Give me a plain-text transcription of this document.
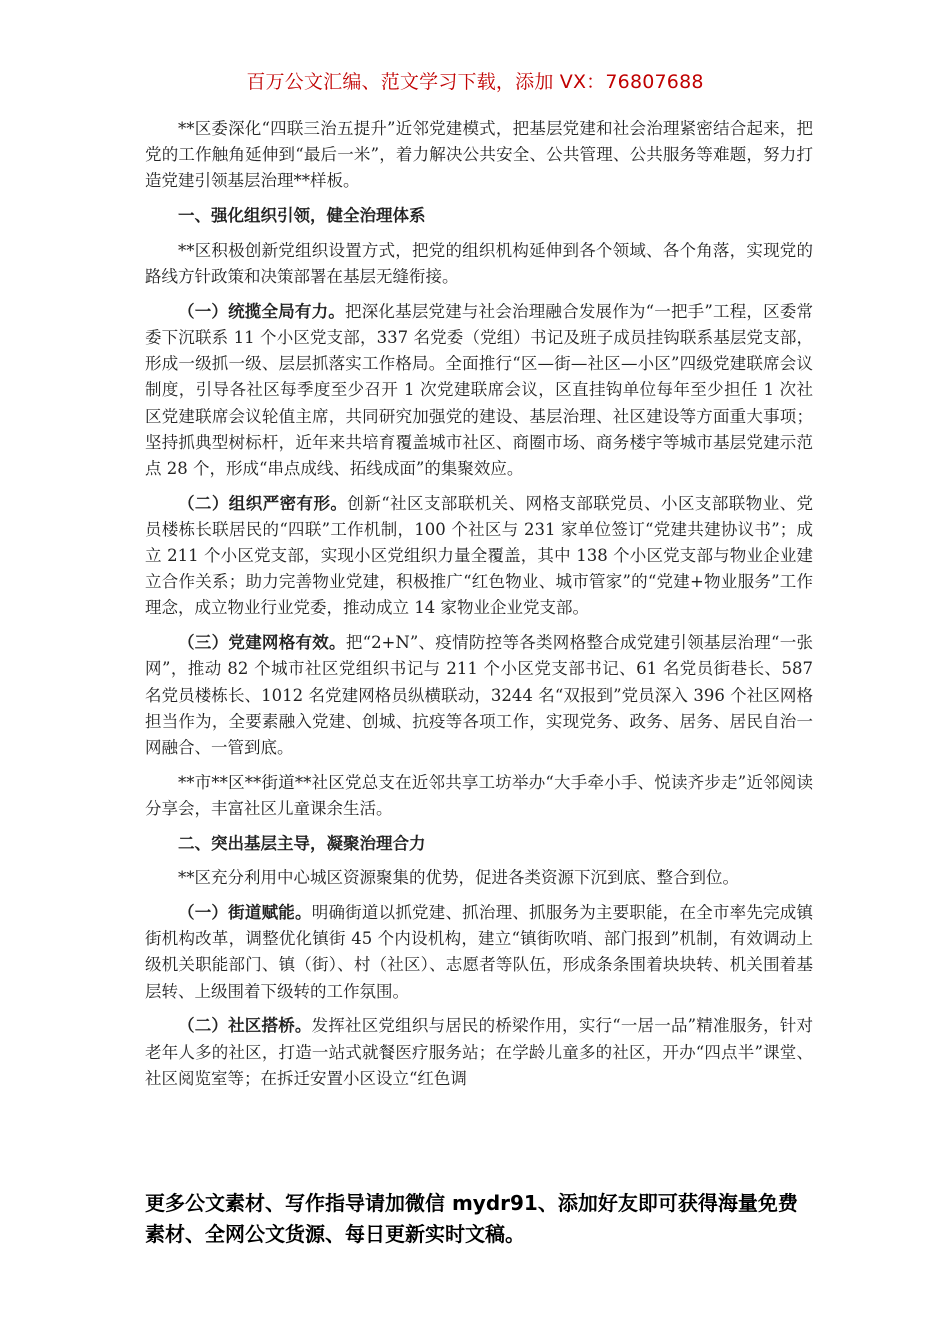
百万公文汇编、范文学习下载，添加 VX：76807688

**区委深化“四联三治五提升”近邻党建模式，把基层党建和社会治理紧密结合起来，把党的工作触角延伸到“最后一米”，着力解决公共安全、公共管理、公共服务等难题，努力打造党建引领基层治理**样板。

一、强化组织引领，健全治理体系

**区积极创新党组织设置方式，把党的组织机构延伸到各个领域、各个角落，实现党的路线方针政策和决策部署在基层无缝衔接。

（一）统揽全局有力。把深化基层党建与社会治理融合发展作为“一把手”工程，区委常委下沉联系 11 个小区党支部，337 名党委（党组）书记及班子成员挂钩联系基层党支部，形成一级抓一级、层层抓落实工作格局。全面推行“区—街—社区—小区”四级党建联席会议制度，引导各社区每季度至少召开 1 次党建联席会议，区直挂钩单位每年至少担任 1 次社区党建联席会议轮值主席，共同研究加强党的建设、基层治理、社区建设等方面重大事项；坚持抓典型树标杆，近年来共培育覆盖城市社区、商圈市场、商务楼宇等城市基层党建示范点 28 个，形成“串点成线、拓线成面”的集聚效应。

（二）组织严密有形。创新“社区支部联机关、网格支部联党员、小区支部联物业、党员楼栋长联居民的“四联”工作机制，100 个社区与 231 家单位签订“党建共建协议书”；成立 211 个小区党支部，实现小区党组织力量全覆盖，其中 138 个小区党支部与物业企业建立合作关系；助力完善物业党建，积极推广“红色物业、城市管家”的“党建+物业服务”工作理念，成立物业行业党委，推动成立 14 家物业企业党支部。

（三）党建网格有效。把“2+N”、疫情防控等各类网格整合成党建引领基层治理“一张网”，推动 82 个城市社区党组织书记与 211 个小区党支部书记、61 名党员街巷长、587 名党员楼栋长、1012 名党建网格员纵横联动，3244 名“双报到”党员深入 396 个社区网格担当作为，全要素融入党建、创城、抗疫等各项工作，实现党务、政务、居务、居民自治一网融合、一管到底。

**市**区**街道**社区党总支在近邻共享工坊举办“大手牵小手、悦读齐步走”近邻阅读分享会，丰富社区儿童课余生活。

二、突出基层主导，凝聚治理合力

**区充分利用中心城区资源聚集的优势，促进各类资源下沉到底、整合到位。

（一）街道赋能。明确街道以抓党建、抓治理、抓服务为主要职能，在全市率先完成镇街机构改革，调整优化镇街 45 个内设机构，建立“镇街吹哨、部门报到”机制，有效调动上级机关职能部门、镇（街）、村（社区）、志愿者等队伍，形成条条围着块块转、机关围着基层转、上级围着下级转的工作氛围。

（二）社区搭桥。发挥社区党组织与居民的桥梁作用，实行“一居一品”精准服务，针对老年人多的社区，打造一站式就餐医疗服务站；在学龄儿童多的社区，开办“四点半”课堂、社区阅览室等；在拆迁安置小区设立“红色调

更多公文素材、写作指导请加微信 mydr91、添加好友即可获得海量免费素材、全网公文货源、每日更新实时文稿。
